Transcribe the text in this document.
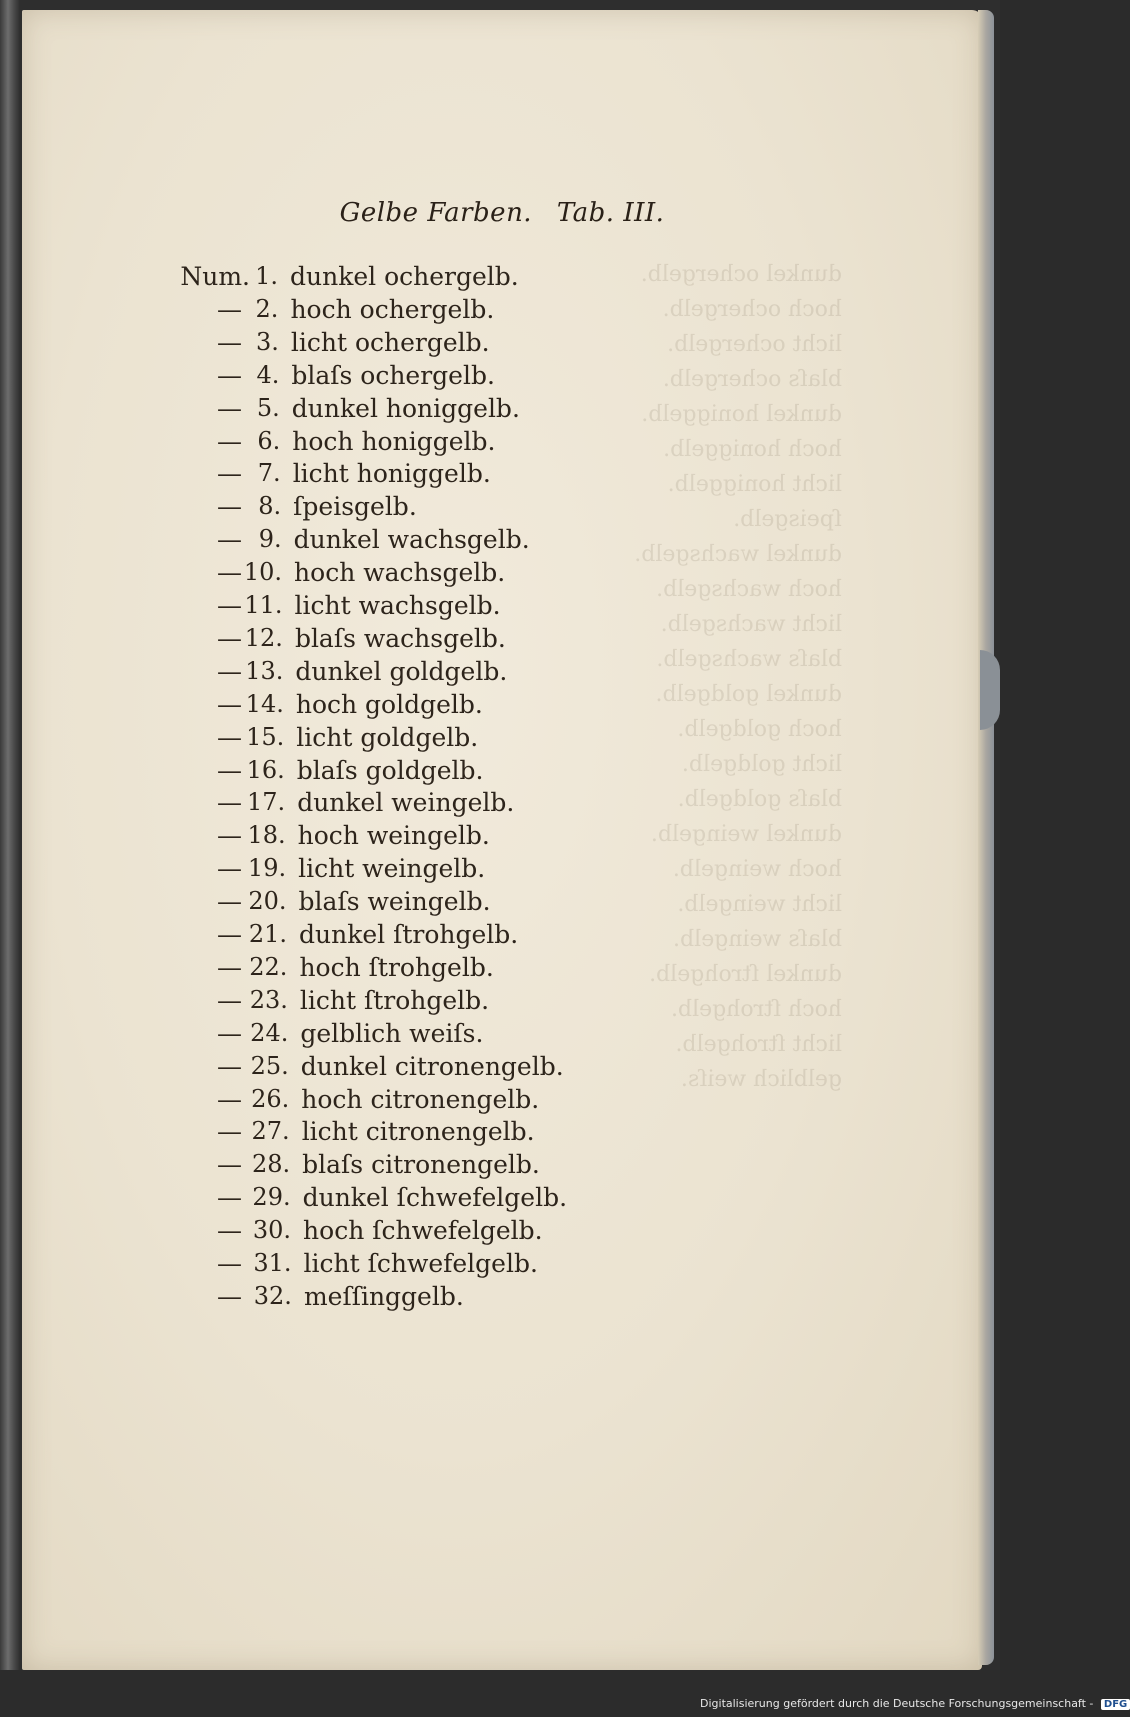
dunkel ochergelb.
hoch ochergelb.
licht ochergelb.
blaſs ochergelb.
dunkel honiggelb.
hoch honiggelb.
licht honiggelb.
ſpeisgelb.
dunkel wachsgelb.
hoch wachsgelb.
licht wachsgelb.
blaſs wachsgelb.
dunkel goldgelb.
hoch goldgelb.
licht goldgelb.
blaſs goldgelb.
dunkel weingelb.
hoch weingelb.
licht weingelb.
blaſs weingelb.
dunkel ſtrohgelb.
hoch ſtrohgelb.
licht ſtrohgelb.
gelblich weiſs.
Gelbe Farben. Tab. III.
Num. 1. dunkel ochergelb.
— 2. hoch ochergelb.
— 3. licht ochergelb.
— 4. blaſs ochergelb.
— 5. dunkel honiggelb.
— 6. hoch honiggelb.
— 7. licht honiggelb.
— 8. ſpeisgelb.
— 9. dunkel wachsgelb.
— 10. hoch wachsgelb.
— 11. licht wachsgelb.
— 12. blaſs wachsgelb.
— 13. dunkel goldgelb.
— 14. hoch goldgelb.
— 15. licht goldgelb.
— 16. blaſs goldgelb.
— 17. dunkel weingelb.
— 18. hoch weingelb.
— 19. licht weingelb.
— 20. blaſs weingelb.
— 21. dunkel ſtrohgelb.
— 22. hoch ſtrohgelb.
— 23. licht ſtrohgelb.
— 24. gelblich weiſs.
— 25. dunkel citronengelb.
— 26. hoch citronengelb.
— 27. licht citronengelb.
— 28. blaſs citronengelb.
— 29. dunkel ſchwefelgelb.
— 30. hoch ſchwefelgelb.
— 31. licht ſchwefelgelb.
— 32. meſſinggelb.
Digitalisierung gefördert durch die Deutsche Forschungsgemeinschaft - DFG
